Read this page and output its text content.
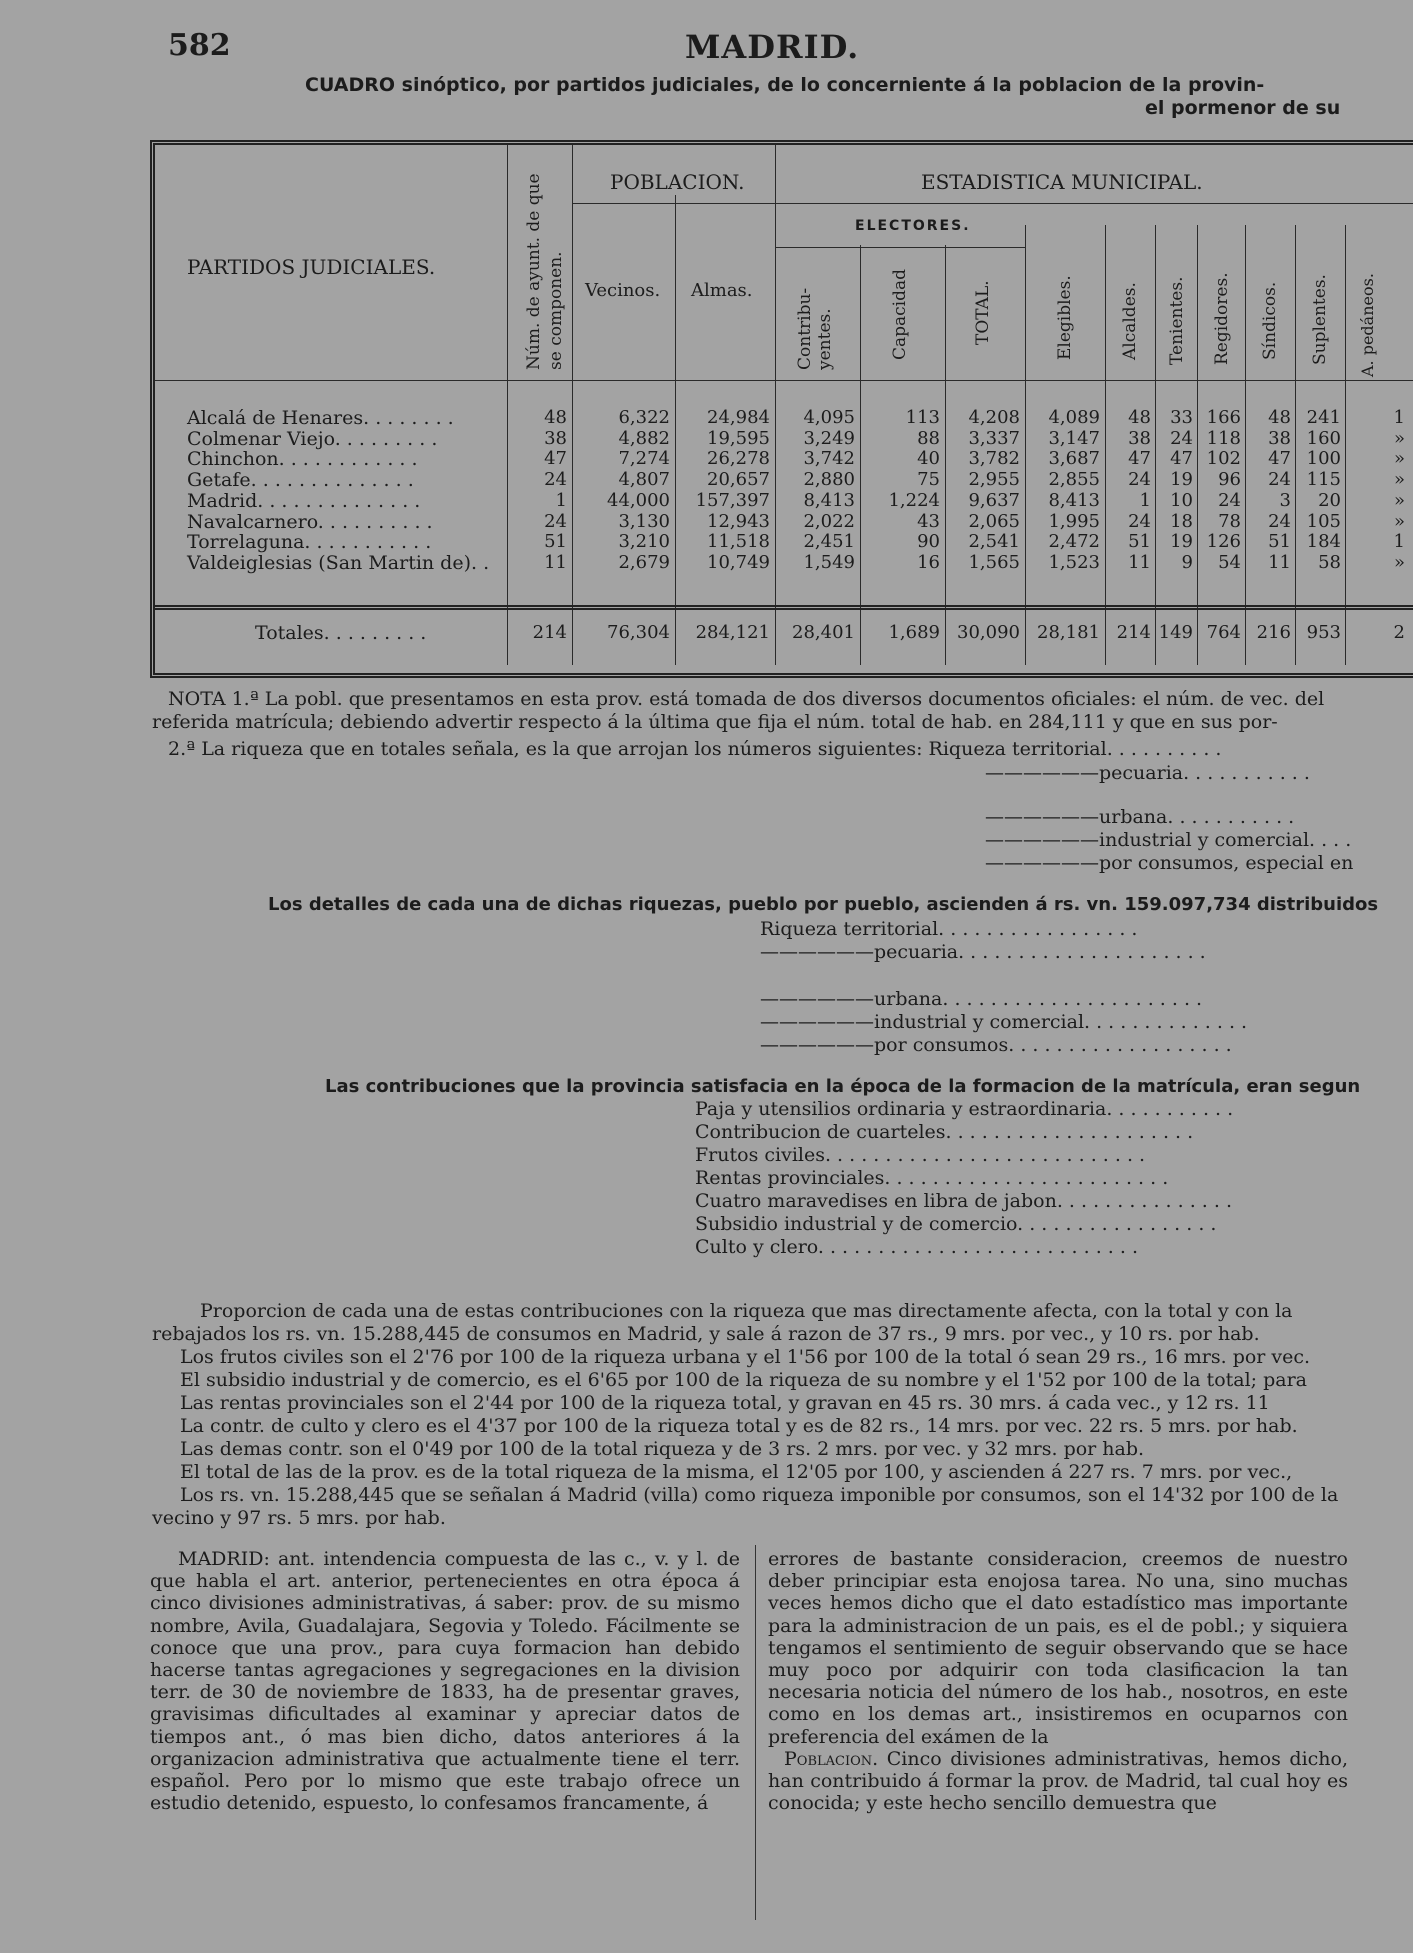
582	MADRID.
CUADRO sinóptico, por partidos judiciales, de lo concerniente á la poblacion de la provin-
el pormenor de su
PARTIDOS JUDICIALES.	Núm. de ayunt. de que se componen.
POBLACION.
Vecinos. Almas.
ESTADISTICA MUNICIPAL.
ELECTORES.
Contribu- yentes.	Capacidad	TOTAL.	Elegibles.	Alcaldes. Tenientes. Regidores. Síndicos. Suplentes. A. pedáneos.
Alcalá de Henares. . . . . . . .	48	6,322 24,984 4,095	113 4,208 4,089 48 33 166 48 241	1
Colmenar Viejo. . . . . . . . .	38	4,882 19,595 3,249	88 3,337 3,147 38 24 118 38 160	»
Chinchon. . . . . . . . . . . .	47	7,274 26,278 3,742	40 3,782 3,687 47 47 102 47 100	»
Getafe. . . . . . . . . . . . . .	24	4,807 20,657 2,880	75 2,955 2,855 24 19 96 24 115	»
Madrid. . . . . . . . . . . . . .	1 44,000 157,397 8,413 1,224 9,637 8,413 1 10 24 3 20	»
Navalcarnero. . . . . . . . . .	24	3,130 12,943 2,022	43 2,065 1,995 24 18 78 24 105	»
Torrelaguna. . . . . . . . . . .	51	3,210 11,518 2,451	90 2,541 2,472 51 19 126 51 184	1
Valdeiglesias (San Martin de). .	11	2,679 10,749 1,549	16 1,565 1,523 11 9 54 11 58	»
Totales. . . . . . . . .	214 76,304 284,121 28,401 1,689 30,090 28,181 214 149 764 216 953	2
NOTA 1.ª La pobl. que presentamos en esta prov. está tomada de dos diversos documentos oficiales: el núm. de vec. del
referida matrícula; debiendo advertir respecto á la última que fija el núm. total de hab. en 284,111 y que en sus por-
2.ª La riqueza que en totales señala, es la que arrojan los números siguientes: Riqueza territorial. . . . . . . . . .
——————pecuaria. . . . . . . . . . .
——————urbana. . . . . . . . . . .
——————industrial y comercial. . . .
——————por consumos, especial en
Los detalles de cada una de dichas riquezas, pueblo por pueblo, ascienden á rs. vn. 159.097,734 distribuidos
Riqueza territorial. . . . . . . . . . . . . . . . .
——————pecuaria. . . . . . . . . . . . . . . . . . . . .
——————urbana. . . . . . . . . . . . . . . . . . . . . .
——————industrial y comercial. . . . . . . . . . . . . .
——————por consumos. . . . . . . . . . . . . . . . . . .
Las contribuciones que la provincia satisfacia en la época de la formacion de la matrícula, eran segun
Paja y utensilios ordinaria y estraordinaria. . . . . . . . . . .
Contribucion de cuarteles. . . . . . . . . . . . . . . . . . . . .
Frutos civiles. . . . . . . . . . . . . . . . . . . . . . . . . . .
Rentas provinciales. . . . . . . . . . . . . . . . . . . . . . . .
Cuatro maravedises en libra de jabon. . . . . . . . . . . . . . .
Subsidio industrial y de comercio. . . . . . . . . . . . . . . . .
Culto y clero. . . . . . . . . . . . . . . . . . . . . . . . . . .
Proporcion de cada una de estas contribuciones con la riqueza que mas directamente afecta, con la total y con la
rebajados los rs. vn. 15.288,445 de consumos en Madrid, y sale á razon de 37 rs., 9 mrs. por vec., y 10 rs. por hab.
Los frutos civiles son el 2'76 por 100 de la riqueza urbana y el 1'56 por 100 de la total ó sean 29 rs., 16 mrs. por vec.
El subsidio industrial y de comercio, es el 6'65 por 100 de la riqueza de su nombre y el 1'52 por 100 de la total; para
Las rentas provinciales son el 2'44 por 100 de la riqueza total, y gravan en 45 rs. 30 mrs. á cada vec., y 12 rs. 11
La contr. de culto y clero es el 4'37 por 100 de la riqueza total y es de 82 rs., 14 mrs. por vec. 22 rs. 5 mrs. por hab.
Las demas contr. son el 0'49 por 100 de la total riqueza y de 3 rs. 2 mrs. por vec. y 32 mrs. por hab.
El total de las de la prov. es de la total riqueza de la misma, el 12'05 por 100, y ascienden á 227 rs. 7 mrs. por vec.,
Los rs. vn. 15.288,445 que se señalan á Madrid (villa) como riqueza imponible por consumos, son el 14'32 por 100 de la
vecino y 97 rs. 5 mrs. por hab.

MADRID: ant. intendencia compuesta de las c., v. y l. de que habla el art. anterior, pertenecientes en otra época á cinco divisiones administrativas, á saber: prov. de su mismo nombre, Avila, Guadalajara, Segovia y Toledo. Fácilmente se conoce que una prov., para cuya formacion han debido hacerse tantas agregaciones y segregaciones en la division terr. de 30 de noviembre de 1833, ha de presentar graves, gravisimas dificultades al examinar y apreciar datos de tiempos ant., ó mas bien dicho, datos anteriores á la organizacion administrativa que actualmente tiene el terr. español. Pero por lo mismo que este trabajo ofrece un estudio detenido, espuesto, lo confesamos francamente, á

errores de bastante consideracion, creemos de nuestro deber principiar esta enojosa tarea. No una, sino muchas veces hemos dicho que el dato estadístico mas importante para la administracion de un pais, es el de pobl.; y siquiera tengamos el sentimiento de seguir observando que se hace muy poco por adquirir con toda clasificacion la tan necesaria noticia del número de los hab., nosotros, en este como en los demas art., insistiremos en ocuparnos con preferencia del exámen de la

Poblacion. Cinco divisiones administrativas, hemos dicho, han contribuido á formar la prov. de Madrid, tal cual hoy es conocida; y este hecho sencillo demuestra que
